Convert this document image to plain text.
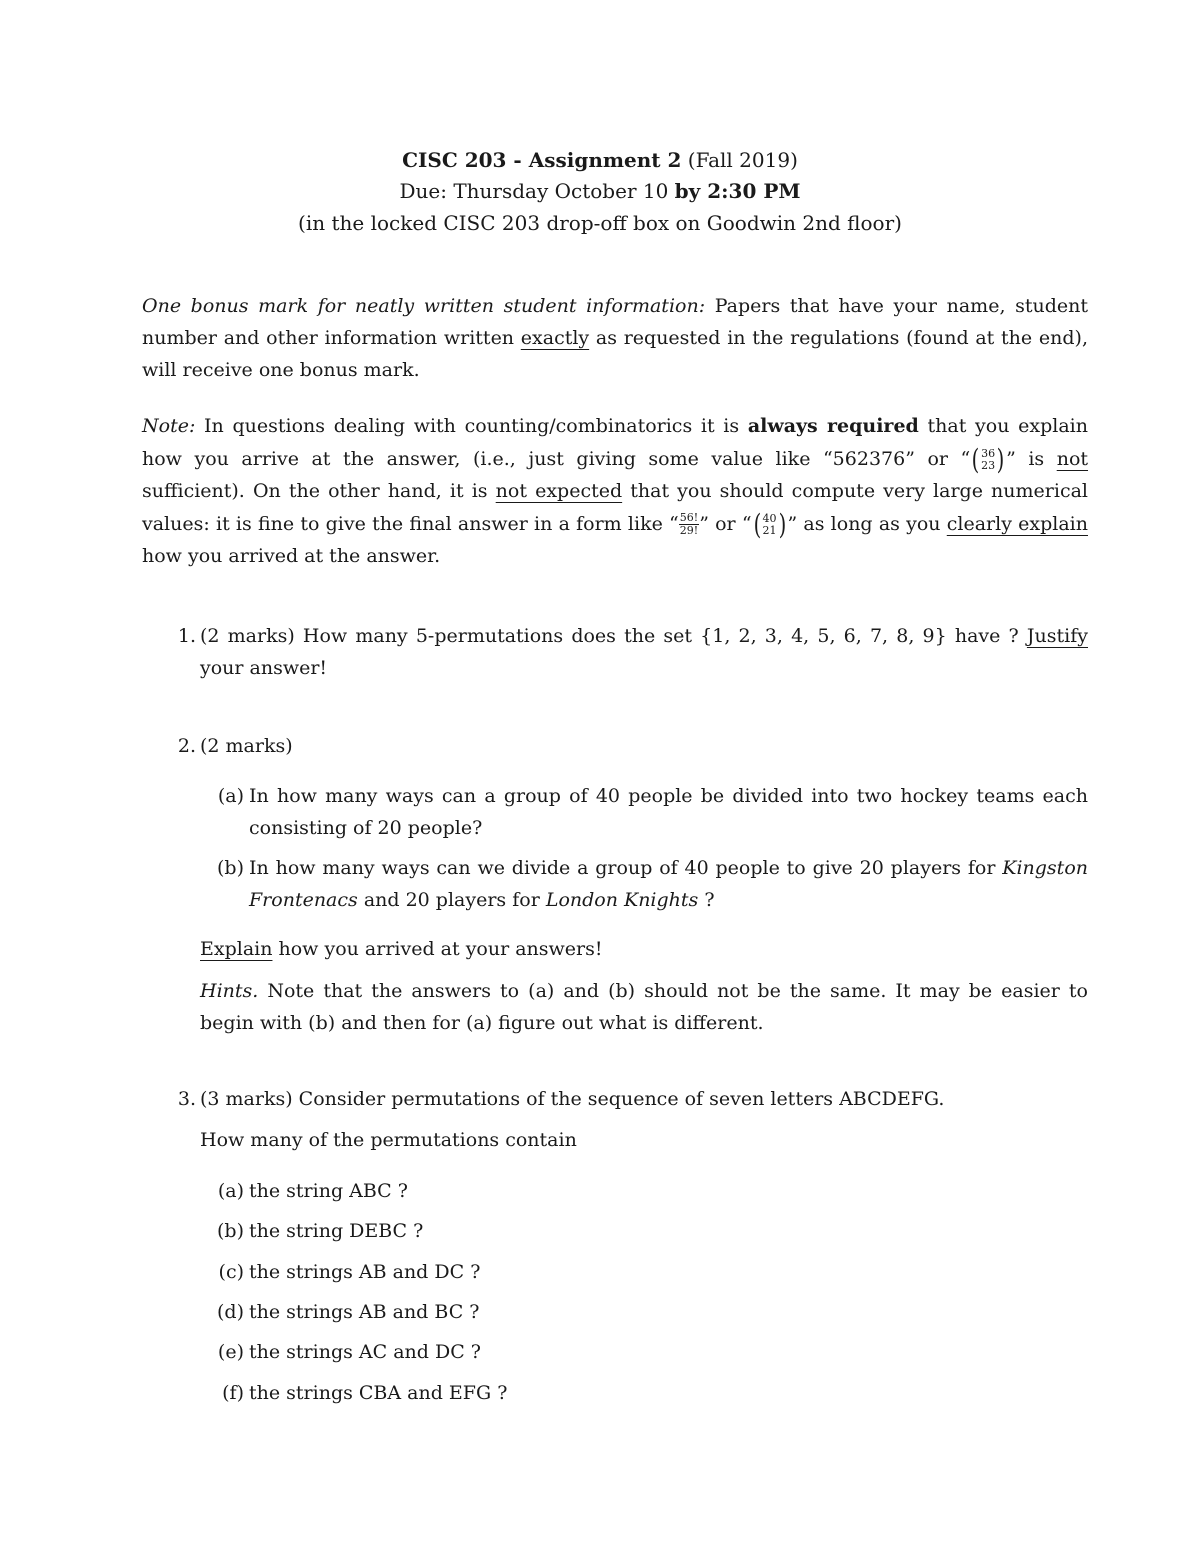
CISC 203 - Assignment 2 (Fall 2019)
Due: Thursday October 10 by 2:30 PM
(in the locked CISC 203 drop-off box on Goodwin 2nd floor)
One bonus mark for neatly written student information: Papers that have your name, student number and other information written exactly as requested in the regulations (found at the end), will receive one bonus mark.
Note: In questions dealing with counting/combinatorics it is always required that you explain how you arrive at the answer, (i.e., just giving some value like “562376” or “ ( 36
23 ) ” is not sufficient). On the other hand, it is not expected that you should compute very large numerical values: it is fine to give the final answer in a form like “ $\frac{56!}{29!}$ ” or “ ( 40
21 ) ” as long as you clearly explain how you arrived at the answer.
1. (2 marks) How many 5-permutations does the set {1, 2, 3, 4, 5, 6, 7, 8, 9} have ? Justify your answer!
2. (2 marks)
(a) In how many ways can a group of 40 people be divided into two hockey teams each consisting of 20 people?
(b) In how many ways can we divide a group of 40 people to give 20 players for Kingston Frontenacs and 20 players for London Knights ?
Explain how you arrived at your answers!
Hints. Note that the answers to (a) and (b) should not be the same. It may be easier to begin with (b) and then for (a) figure out what is different.
3. (3 marks) Consider permutations of the sequence of seven letters ABCDEFG.
How many of the permutations contain
(a) the string ABC ?
(b) the string DEBC ?
(c) the strings AB and DC ?
(d) the strings AB and BC ?
(e) the strings AC and DC ?
(f) the strings CBA and EFG ?
